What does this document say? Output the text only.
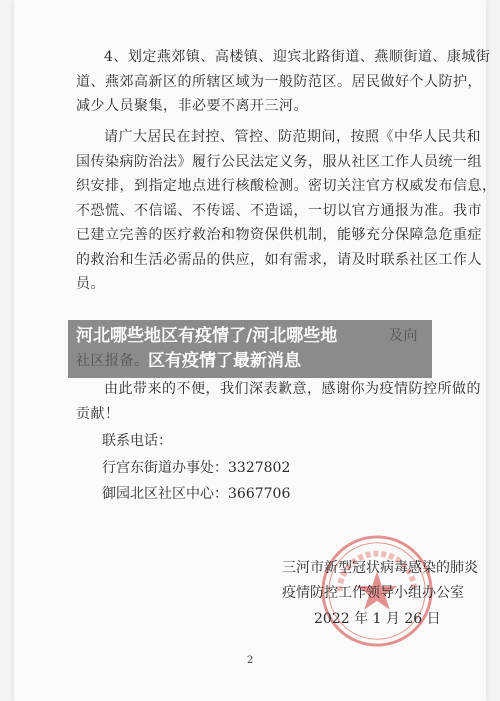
4、划定燕郊镇、高楼镇、迎宾北路街道、燕顺街道、康城街
道、燕郊高新区的所辖区域为一般防范区。居民做好个人防护，
减少人员聚集，非必要不离开三河。
请广大居民在封控、管控、防范期间，按照《中华人民共和
国传染病防治法》履行公民法定义务，服从社区工作人员统一组
织安排，到指定地点进行核酸检测。密切关注官方权威发布信息，
不恐慌、不信谣、不传谣、不造谣，一切以官方通报为准。我市
已建立完善的医疗救治和物资保供机制，能够充分保障急危重症
的救治和生活必需品的供应，如有需求，请及时联系社区工作人
员。
由此带来的不便，我们深表歉意，感谢你为疫情防控所做的
贡献！
联系电话：
行宫东街道办事处：3327802
御园北区社区中心：3667706
三河市新型冠状病毒感染的肺炎
疫情防控工作领导小组办公室
2022 年 1 月 26 日
2
河北哪些地区有疫情了/河北哪些地
区有疫情了最新消息
